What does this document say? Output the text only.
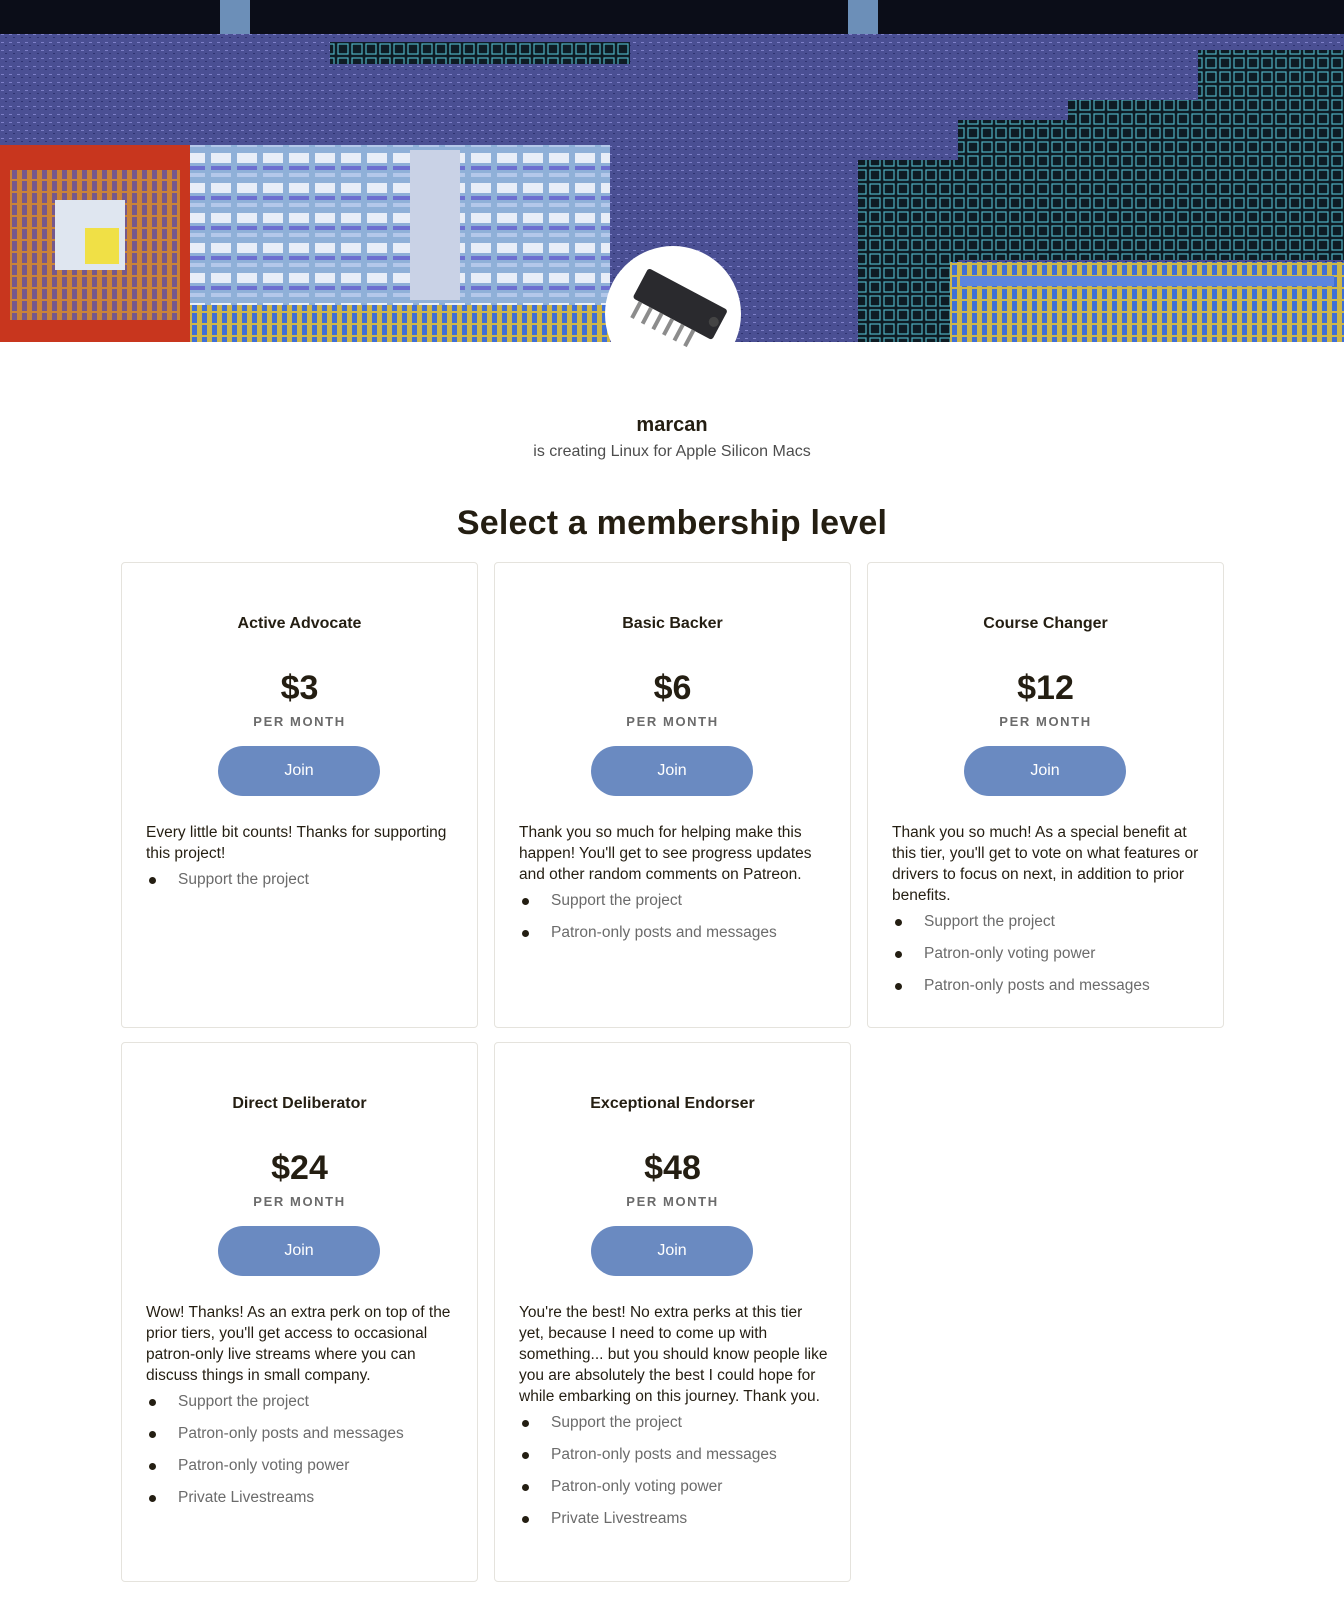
marcan
is creating Linux for Apple Silicon Macs
Select a membership level
Active Advocate
$3
PER MONTH
Join
Every little bit counts! Thanks for supporting this project!
Support the project
Basic Backer
$6
PER MONTH
Join
Thank you so much for helping make this happen! You'll get to see progress updates and other random comments on Patreon.
Support the project
Patron-only posts and messages
Course Changer
$12
PER MONTH
Join
Thank you so much! As a special benefit at this tier, you'll get to vote on what features or drivers to focus on next, in addition to prior benefits.
Support the project
Patron-only voting power
Patron-only posts and messages
Direct Deliberator
$24
PER MONTH
Join
Wow! Thanks! As an extra perk on top of the prior tiers, you'll get access to occasional patron-only live streams where you can discuss things in small company.
Support the project
Patron-only posts and messages
Patron-only voting power
Private Livestreams
Exceptional Endorser
$48
PER MONTH
Join
You're the best! No extra perks at this tier yet, because I need to come up with something... but you should know people like you are absolutely the best I could hope for while embarking on this journey. Thank you.
Support the project
Patron-only posts and messages
Patron-only voting power
Private Livestreams
